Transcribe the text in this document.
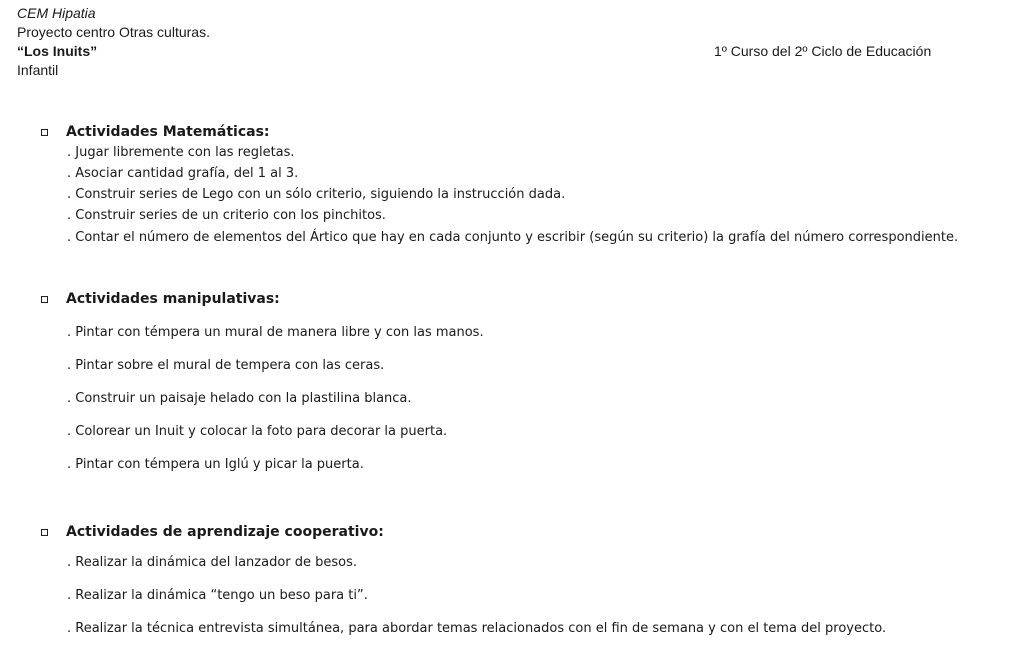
CEM Hipatia
Proyecto centro Otras culturas.
“Los Inuits”
Infantil
1º Curso del 2º Ciclo de Educación
Actividades Matemáticas:

. Jugar libremente con las regletas.

. Asociar cantidad grafía, del 1 al 3.

. Construir series de Lego con un sólo criterio, siguiendo la instrucción dada.

. Construir series de un criterio con los pinchitos.

. Contar el número de elementos del Ártico que hay en cada conjunto y escribir (según su criterio) la grafía del número correspondiente.

Actividades manipulativas:

. Pintar con témpera un mural de manera libre y con las manos.

. Pintar sobre el mural de tempera con las ceras.

. Construir un paisaje helado con la plastilina blanca.

. Colorear un Inuit y colocar la foto para decorar la puerta.

. Pintar con témpera un Iglú y picar la puerta.

Actividades de aprendizaje cooperativo:

. Realizar la dinámica del lanzador de besos.

. Realizar la dinámica “tengo un beso para ti”.

. Realizar la técnica entrevista simultánea, para abordar temas relacionados con el fin de semana y con el tema del proyecto.
